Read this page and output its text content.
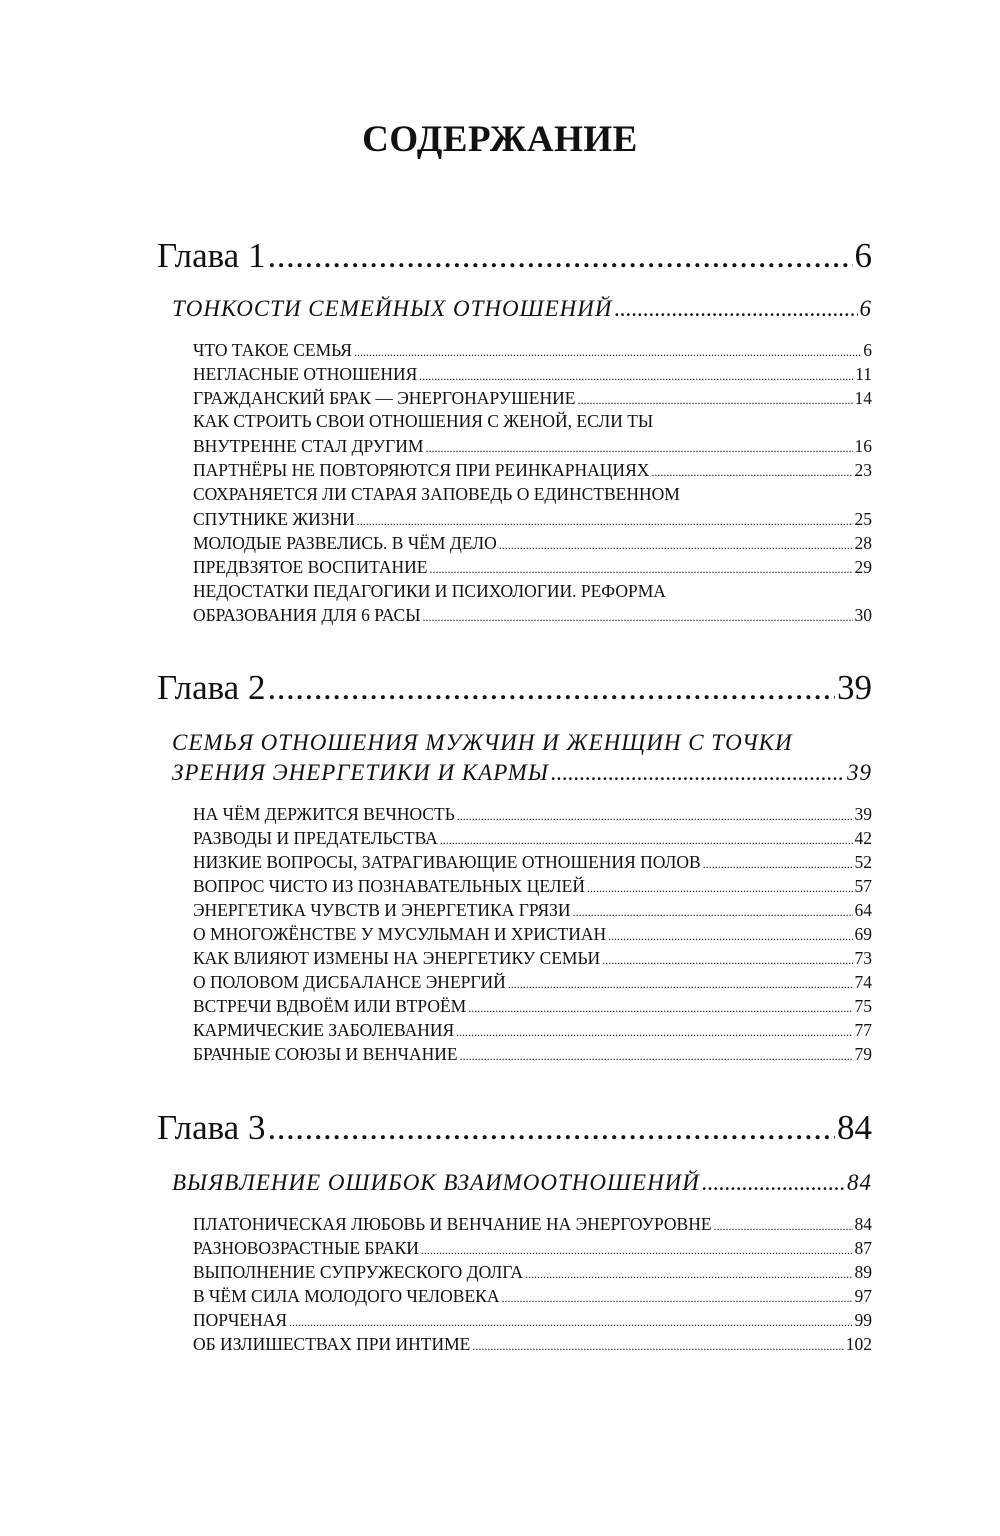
СОДЕРЖАНИЕ
Глава 1 .....	6
ТОНКОСТИ СЕМЕЙНЫХ ОТНОШЕНИЙ .....	6
ЧТО ТАКОЕ СЕМЬЯ .....	6
НЕГЛАСНЫЕ ОТНОШЕНИЯ .....	11
ГРАЖДАНСКИЙ БРАК — ЭНЕРГОНАРУШЕНИЕ .....	14
КАК СТРОИТЬ СВОИ ОТНОШЕНИЯ С ЖЕНОЙ, ЕСЛИ ТЫ
ВНУТРЕННЕ СТАЛ ДРУГИМ .....	16
ПАРТНЁРЫ НЕ ПОВТОРЯЮТСЯ ПРИ РЕИНКАРНАЦИЯХ .....	23
СОХРАНЯЕТСЯ ЛИ СТАРАЯ ЗАПОВЕДЬ О ЕДИНСТВЕННОМ
СПУТНИКЕ ЖИЗНИ .....	25
МОЛОДЫЕ РАЗВЕЛИСЬ. В ЧЁМ ДЕЛО .....	28
ПРЕДВЗЯТОЕ ВОСПИТАНИЕ .....	29
НЕДОСТАТКИ ПЕДАГОГИКИ И ПСИХОЛОГИИ. РЕФОРМА
ОБРАЗОВАНИЯ ДЛЯ 6 РАСЫ .....	30
Глава 2 .....	39
СЕМЬЯ ОТНОШЕНИЯ МУЖЧИН И ЖЕНЩИН С ТОЧКИ
ЗРЕНИЯ ЭНЕРГЕТИКИ И КАРМЫ .....	39
НА ЧЁМ ДЕРЖИТСЯ ВЕЧНОСТЬ .....	39
РАЗВОДЫ И ПРЕДАТЕЛЬСТВА .....	42
НИЗКИЕ ВОПРОСЫ, ЗАТРАГИВАЮЩИЕ ОТНОШЕНИЯ ПОЛОВ .....	52
ВОПРОС ЧИСТО ИЗ ПОЗНАВАТЕЛЬНЫХ ЦЕЛЕЙ .....	57
ЭНЕРГЕТИКА ЧУВСТВ И ЭНЕРГЕТИКА ГРЯЗИ .....	64
О МНОГОЖЁНСТВЕ У МУСУЛЬМАН И ХРИСТИАН .....	69
КАК ВЛИЯЮТ ИЗМЕНЫ НА ЭНЕРГЕТИКУ СЕМЬИ .....	73
О ПОЛОВОМ ДИСБАЛАНСЕ ЭНЕРГИЙ .....	74
ВСТРЕЧИ ВДВОЁМ ИЛИ ВТРОЁМ .....	75
КАРМИЧЕСКИЕ ЗАБОЛЕВАНИЯ .....	77
БРАЧНЫЕ СОЮЗЫ И ВЕНЧАНИЕ .....	79
Глава 3 .....	84
ВЫЯВЛЕНИЕ ОШИБОК ВЗАИМООТНОШЕНИЙ .....	84
ПЛАТОНИЧЕСКАЯ ЛЮБОВЬ И ВЕНЧАНИЕ НА ЭНЕРГОУРОВНЕ .....	84
РАЗНОВОЗРАСТНЫЕ БРАКИ .....	87
ВЫПОЛНЕНИЕ СУПРУЖЕСКОГО ДОЛГА .....	89
В ЧЁМ СИЛА МОЛОДОГО ЧЕЛОВЕКА .....	97
ПОРЧЕНАЯ .....	99
ОБ ИЗЛИШЕСТВАХ ПРИ ИНТИМЕ .....	102
